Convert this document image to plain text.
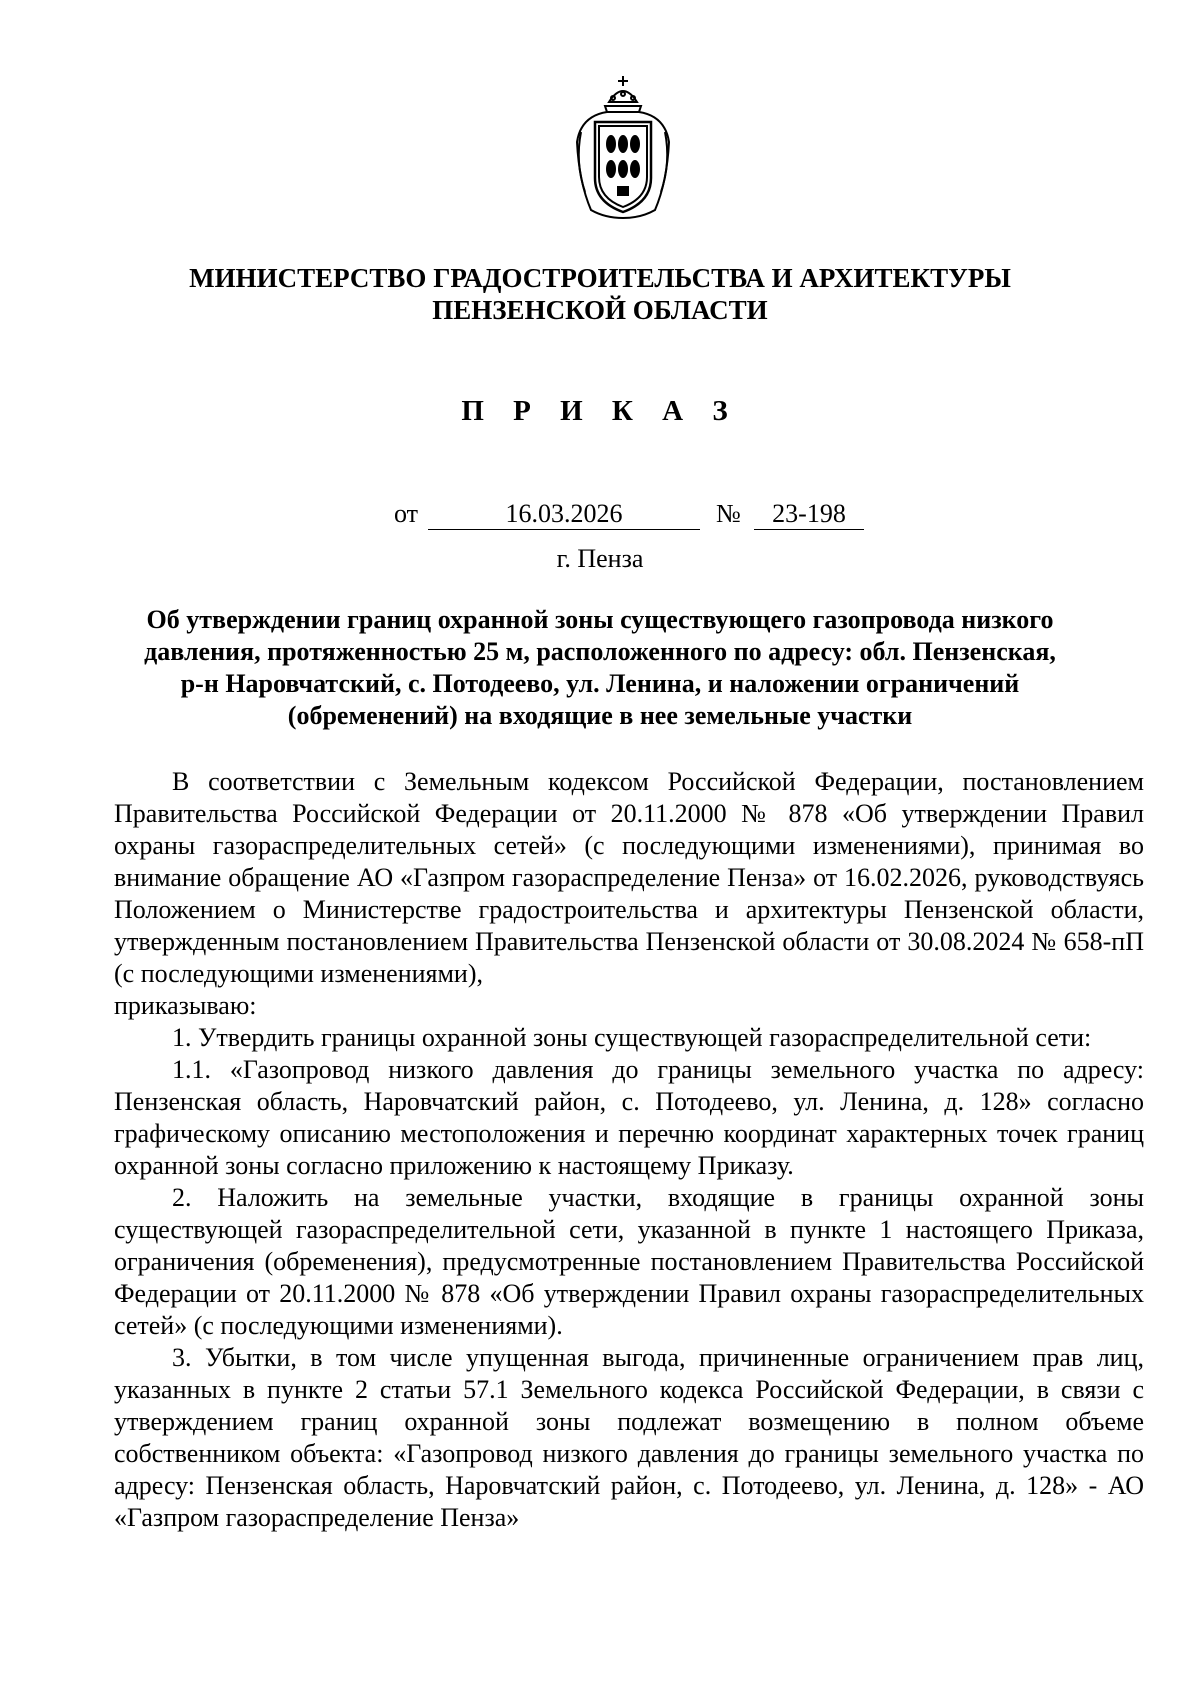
МИНИСТЕРСТВО ГРАДОСТРОИТЕЛЬСТВА И АРХИТЕКТУРЫ
ПЕНЗЕНСКОЙ ОБЛАСТИ
П Р И К А З
от	16.03.2026	№	23-198
г. Пенза
Об утверждении границ охранной зоны существующего газопровода низкого давления, протяженностью 25 м, расположенного по адресу: обл. Пензенская, р-н Наровчатский, с. Потодеево, ул. Ленина, и наложении ограничений (обременений) на входящие в нее земельные участки

В соответствии с Земельным кодексом Российской Федерации, постановлением Правительства Российской Федерации от 20.11.2000 № 878 «Об утверждении Правил охраны газораспределительных сетей» (с последующими изменениями), принимая во внимание обращение АО «Газпром газораспределение Пенза» от 16.02.2026, руководствуясь Положением о Министерстве градостроительства и архитектуры Пензенской области, утвержденным постановлением Правительства Пензенской области от 30.08.2024 № 658-пП (с последующими изменениями),

приказываю:

1. Утвердить границы охранной зоны существующей газораспределительной сети:

1.1. «Газопровод низкого давления до границы земельного участка по адресу: Пензенская область, Наровчатский район, с. Потодеево, ул. Ленина, д. 128» согласно графическому описанию местоположения и перечню координат характерных точек границ охранной зоны согласно приложению к настоящему Приказу.

2. Наложить на земельные участки, входящие в границы охранной зоны существующей газораспределительной сети, указанной в пункте 1 настоящего Приказа, ограничения (обременения), предусмотренные постановлением Правительства Российской Федерации от 20.11.2000 № 878 «Об утверждении Правил охраны газораспределительных сетей» (с последующими изменениями).

3. Убытки, в том числе упущенная выгода, причиненные ограничением прав лиц, указанных в пункте 2 статьи 57.1 Земельного кодекса Российской Федерации, в связи с утверждением границ охранной зоны подлежат возмещению в полном объеме собственником объекта: «Газопровод низкого давления до границы земельного участка по адресу: Пензенская область, Наровчатский район, с. Потодеево, ул. Ленина, д. 128» - АО «Газпром газораспределение Пенза»
